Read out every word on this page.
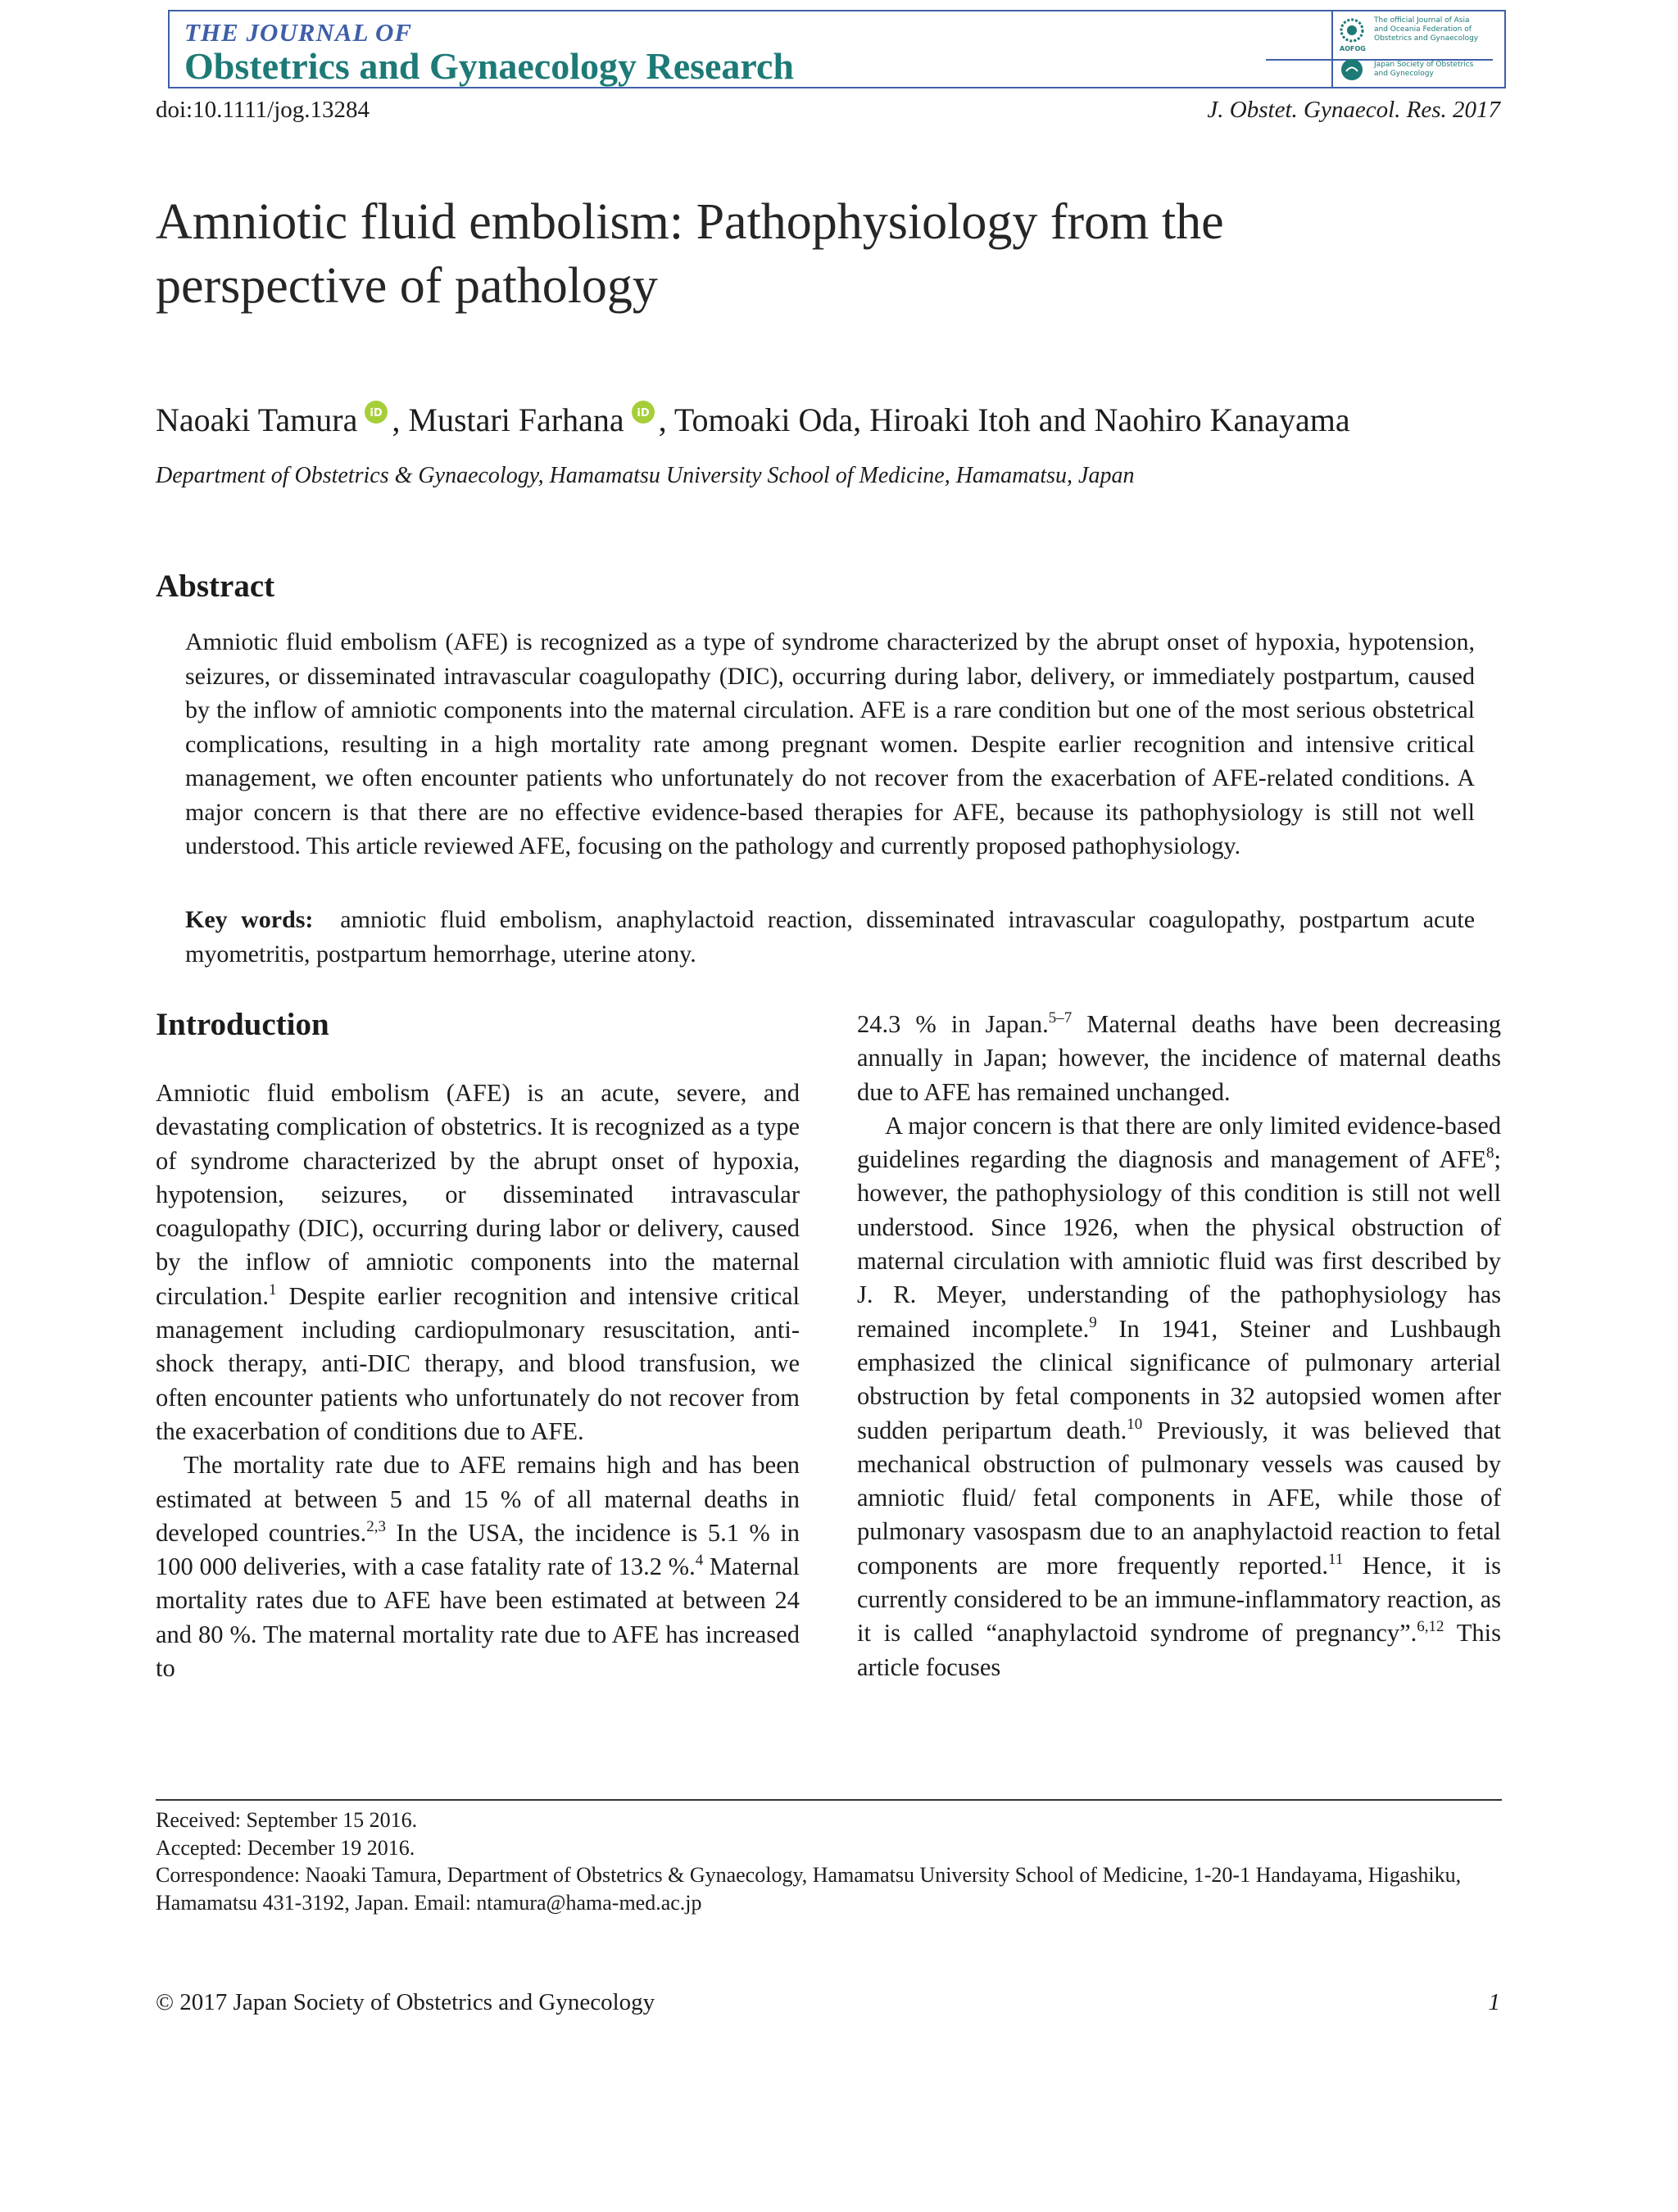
THE JOURNAL OF
Obstetrics and Gynaecology Research
The official Journal of Asia and Oceania Federation of Obstetrics and Gynaecology
AOFOG
Japan Society of Obstetrics and Gynecology
doi:10.1111/jog.13284	J. Obstet. Gynaecol. Res. 2017
Amniotic fluid embolism: Pathophysiology from the
perspective of pathology
Naoaki Tamura iD , Mustari Farhana iD , Tomoaki Oda, Hiroaki Itoh and Naohiro Kanayama
Department of Obstetrics & Gynaecology, Hamamatsu University School of Medicine, Hamamatsu, Japan
Abstract

Amniotic fluid embolism (AFE) is recognized as a type of syndrome characterized by the abrupt onset of hypoxia, hypotension, seizures, or disseminated intravascular coagulopathy (DIC), occurring during labor, delivery, or immediately postpartum, caused by the inflow of amniotic components into the maternal circulation. AFE is a rare condition but one of the most serious obstetrical complications, resulting in a high mortality rate among pregnant women. Despite earlier recognition and intensive critical management, we often encounter patients who unfortunately do not recover from the exacerbation of AFE-related conditions. A major concern is that there are no effective evidence-based therapies for AFE, because its pathophysiology is still not well understood. This article reviewed AFE, focusing on the pathology and currently proposed pathophysiology.

Key words: amniotic fluid embolism, anaphylactoid reaction, disseminated intravascular coagulopathy, postpartum acute myometritis, postpartum hemorrhage, uterine atony.

Introduction

Amniotic fluid embolism (AFE) is an acute, severe, and devastating complication of obstetrics. It is recognized as a type of syndrome characterized by the abrupt onset of hypoxia, hypotension, seizures, or disseminated intravascular coagulopathy (DIC), occurring during labor or delivery, caused by the inflow of amniotic components into the maternal circulation.$^1$ Despite earlier recognition and intensive critical management including cardiopulmonary resuscitation, anti-shock therapy, anti-DIC therapy, and blood transfusion, we often encounter patients who unfortunately do not recover from the exacerbation of conditions due to AFE.

The mortality rate due to AFE remains high and has been estimated at between 5 and 15 % of all maternal deaths in developed countries.$^{2,3}$ In the USA, the incidence is 5.1 % in 100 000 deliveries, with a case fatality rate of 13.2 %.$^4$ Maternal mortality rates due to AFE have been estimated at between 24 and 80 %. The maternal mortality rate due to AFE has increased to

24.3 % in Japan.$^{5-7}$ Maternal deaths have been decreasing annually in Japan; however, the incidence of maternal deaths due to AFE has remained unchanged.

A major concern is that there are only limited evidence-based guidelines regarding the diagnosis and management of AFE$^8$; however, the pathophysiology of this condition is still not well understood. Since 1926, when the physical obstruction of maternal circulation with amniotic fluid was first described by J. R. Meyer, understanding of the pathophysiology has remained incomplete.$^9$ In 1941, Steiner and Lushbaugh emphasized the clinical significance of pulmonary arterial obstruction by fetal components in 32 autopsied women after sudden peripartum death.$^{10}$ Previously, it was believed that mechanical obstruction of pulmonary vessels was caused by amniotic fluid/ fetal components in AFE, while those of pulmonary vasospasm due to an anaphylactoid reaction to fetal components are more frequently reported.$^{11}$ Hence, it is currently considered to be an immune-inflammatory reaction, as it is called “anaphylactoid syndrome of pregnancy”.$^{6,12}$ This article focuses

Received: September 15 2016.
Accepted: December 19 2016.
Correspondence: Naoaki Tamura, Department of Obstetrics & Gynaecology, Hamamatsu University School of Medicine, 1-20-1 Handayama, Higashiku, Hamamatsu 431-3192, Japan. Email: ntamura@hama-med.ac.jp
© 2017 Japan Society of Obstetrics and Gynecology	1
